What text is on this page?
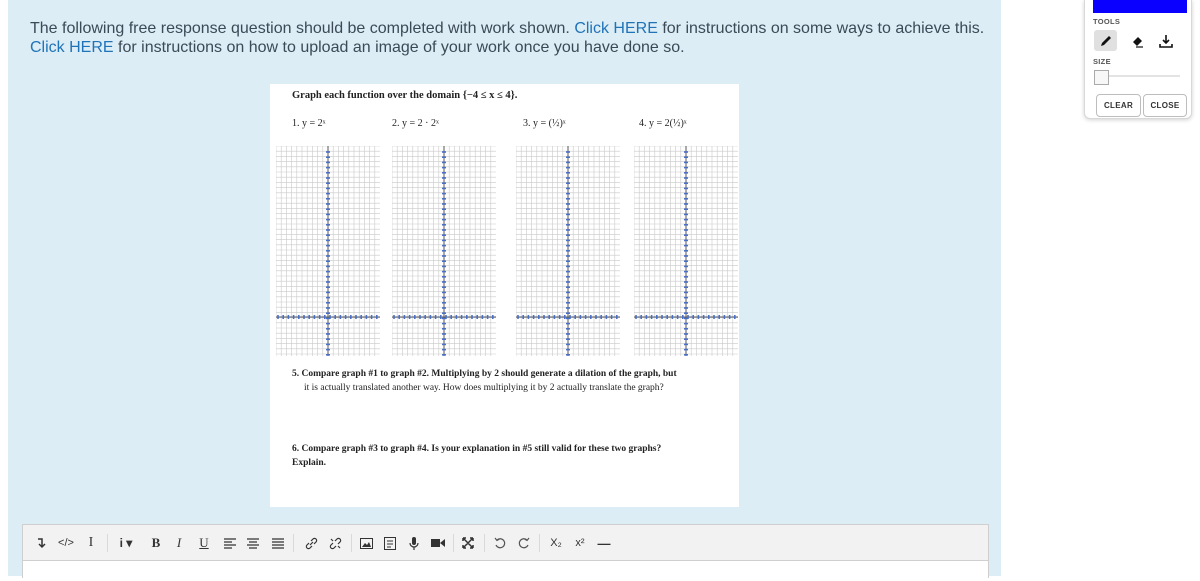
The following free response question should be completed with work shown. Click HERE for instructions on some ways to achieve this.
Click HERE for instructions on how to upload an image of your work once you have done so.
Graph each function over the domain {−4 ≤ x ≤ 4}.
1. y = 2ˣ	2. y = 2 · 2ˣ	3. y = (½)ˣ	4. y = 2(½)ˣ
5. Compare graph #1 to graph #2. Multiplying by 2 should generate a dilation of the graph, but
it is actually translated another way. How does multiplying it by 2 actually translate the graph?
6. Compare graph #3 to graph #4. Is your explanation in #5 still valid for these two graphs?
Explain.
</>	I	i ▾	B I U	X₂	x² —
TOOLS
SIZE
CLEAR	CLOSE
